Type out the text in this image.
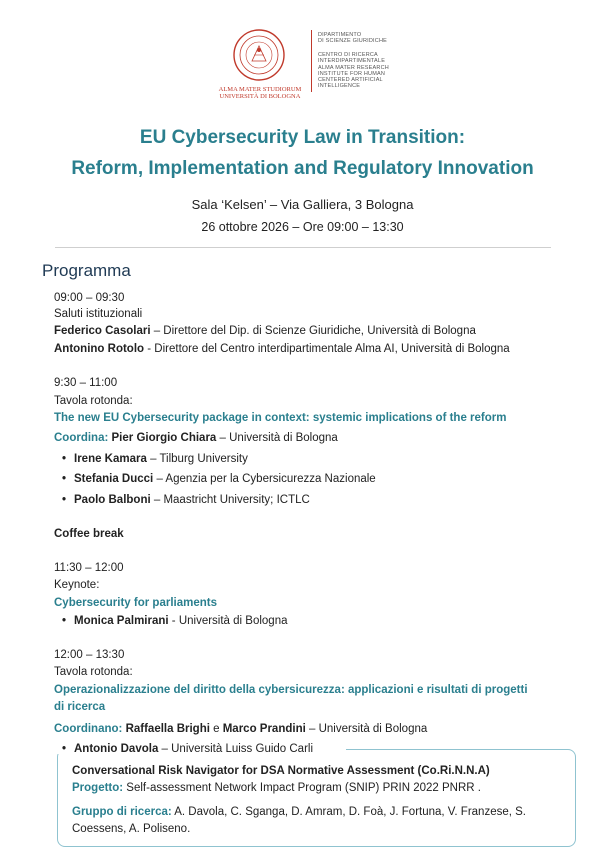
ALMA MATER STUDIORUM
UNIVERSITÀ DI BOLOGNA
DIPARTIMENTO
DI SCIENZE GIURIDICHE
CENTRO DI RICERCA
INTERDIPARTIMENTALE
ALMA MATER RESEARCH
INSTITUTE FOR HUMAN
CENTERED ARTIFICIAL
INTELLIGENCE
EU Cybersecurity Law in Transition:
Reform, Implementation and Regulatory Innovation
Sala ‘Kelsen’ – Via Galliera, 3 Bologna
26 ottobre 2026 – Ore 09:00 – 13:30
Programma
09:00 – 09:30
Saluti istituzionali
Federico Casolari – Direttore del Dip. di Scienze Giuridiche, Università di Bologna
Antonino Rotolo - Direttore del Centro interdipartimentale Alma AI, Università di Bologna
9:30 – 11:00
Tavola rotonda:
The new EU Cybersecurity package in context: systemic implications of the reform
Coordina: Pier Giorgio Chiara – Università di Bologna
• Irene Kamara – Tilburg University
• Stefania Ducci – Agenzia per la Cybersicurezza Nazionale
• Paolo Balboni – Maastricht University; ICTLC
Coffee break
11:30 – 12:00
Keynote:
Cybersecurity for parliaments
• Monica Palmirani - Università di Bologna
12:00 – 13:30
Tavola rotonda:
Operazionalizzazione del diritto della cybersicurezza: applicazioni e risultati di progetti
di ricerca
Coordinano: Raffaella Brighi e Marco Prandini – Università di Bologna
• Antonio Davola – Università Luiss Guido Carli
Conversational Risk Navigator for DSA Normative Assessment (Co.Ri.N.N.A)
Progetto: Self-assessment Network Impact Program (SNIP) PRIN 2022 PNRR .
Gruppo di ricerca: A. Davola, C. Sganga, D. Amram, D. Foà, J. Fortuna, V. Franzese, S.
Coessens, A. Poliseno.
